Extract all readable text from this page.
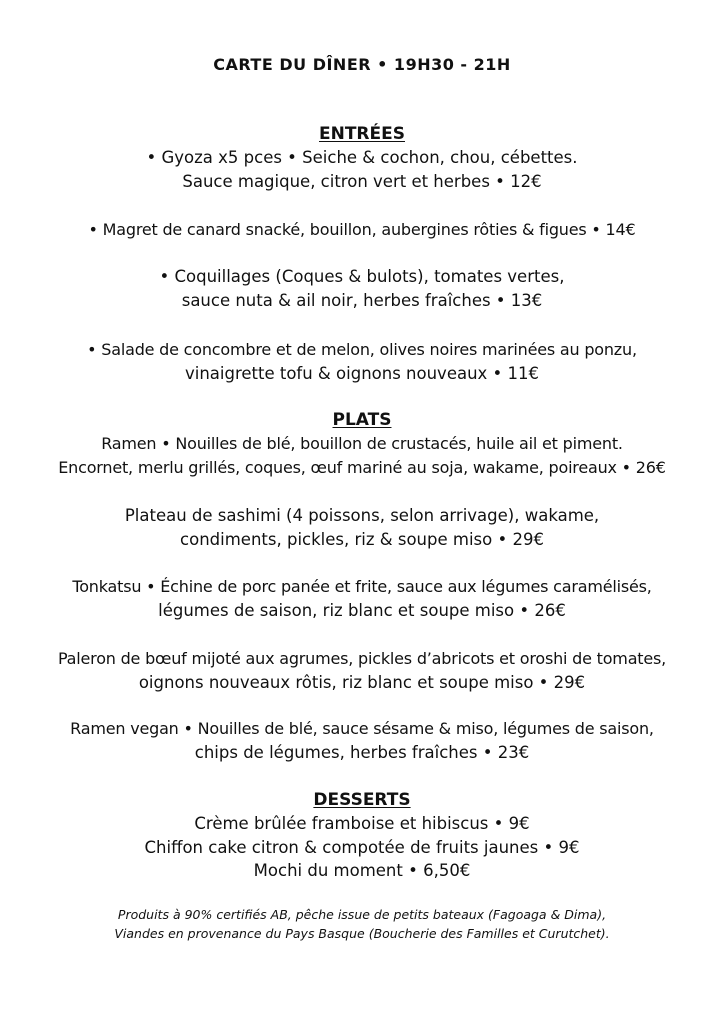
CARTE DU DÎNER • 19H30 - 21H
ENTRÉES
• Gyoza x5 pces • Seiche & cochon, chou, cébettes.
Sauce magique, citron vert et herbes • 12€
• Magret de canard snacké, bouillon, aubergines rôties & figues • 14€
• Coquillages (Coques & bulots), tomates vertes,
sauce nuta & ail noir, herbes fraîches • 13€
• Salade de concombre et de melon, olives noires marinées au ponzu,
vinaigrette tofu & oignons nouveaux • 11€
PLATS
Ramen • Nouilles de blé, bouillon de crustacés, huile ail et piment.
Encornet, merlu grillés, coques, œuf mariné au soja, wakame, poireaux • 26€
Plateau de sashimi (4 poissons, selon arrivage), wakame,
condiments, pickles, riz & soupe miso • 29€
Tonkatsu • Échine de porc panée et frite, sauce aux légumes caramélisés,
légumes de saison, riz blanc et soupe miso • 26€
Paleron de bœuf mijoté aux agrumes, pickles d’abricots et oroshi de tomates,
oignons nouveaux rôtis, riz blanc et soupe miso • 29€
Ramen vegan • Nouilles de blé, sauce sésame & miso, légumes de saison,
chips de légumes, herbes fraîches • 23€
DESSERTS
Crème brûlée framboise et hibiscus • 9€
Chiffon cake citron & compotée de fruits jaunes • 9€
Mochi du moment • 6,50€
Produits à 90% certifiés AB, pêche issue de petits bateaux (Fagoaga & Dima),
Viandes en provenance du Pays Basque (Boucherie des Familles et Curutchet).
